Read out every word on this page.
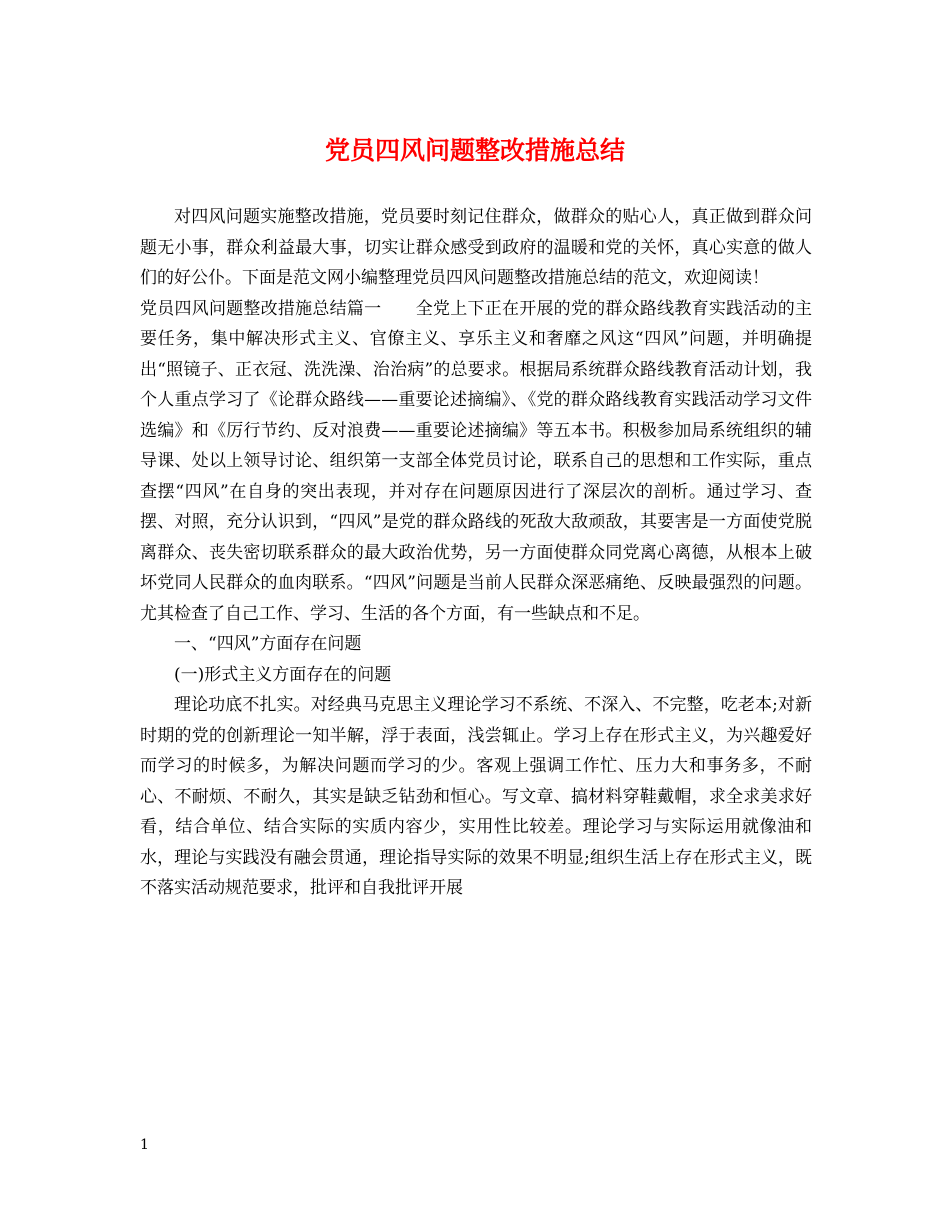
党员四风问题整改措施总结

对四风问题实施整改措施，党员要时刻记住群众，做群众的贴心人，真正做到群众问题无小事，群众利益最大事，切实让群众感受到政府的温暖和党的关怀，真心实意的做人们的好公仆。下面是范文网小编整理党员四风问题整改措施总结的范文，欢迎阅读！

党员四风问题整改措施总结篇一　　全党上下正在开展的党的群众路线教育实践活动的主要任务，集中解决形式主义、官僚主义、享乐主义和奢靡之风这“四风”问题，并明确提出“照镜子、正衣冠、洗洗澡、治治病”的总要求。根据局系统群众路线教育活动计划，我个人重点学习了《论群众路线——重要论述摘编》、《党的群众路线教育实践活动学习文件选编》和《厉行节约、反对浪费——重要论述摘编》等五本书。积极参加局系统组织的辅导课、处以上领导讨论、组织第一支部全体党员讨论，联系自己的思想和工作实际，重点查摆“四风”在自身的突出表现，并对存在问题原因进行了深层次的剖析。通过学习、查摆、对照，充分认识到，“四风”是党的群众路线的死敌大敌顽敌，其要害是一方面使党脱离群众、丧失密切联系群众的最大政治优势，另一方面使群众同党离心离德，从根本上破坏党同人民群众的血肉联系。“四风”问题是当前人民群众深恶痛绝、反映最强烈的问题。尤其检查了自己工作、学习、生活的各个方面，有一些缺点和不足。

一、“四风”方面存在问题

(一)形式主义方面存在的问题

理论功底不扎实。对经典马克思主义理论学习不系统、不深入、不完整，吃老本;对新时期的党的创新理论一知半解，浮于表面，浅尝辄止。学习上存在形式主义，为兴趣爱好而学习的时候多，为解决问题而学习的少。客观上强调工作忙、压力大和事务多，不耐心、不耐烦、不耐久，其实是缺乏钻劲和恒心。写文章、搞材料穿鞋戴帽，求全求美求好看，结合单位、结合实际的实质内容少，实用性比较差。理论学习与实际运用就像油和水，理论与实践没有融会贯通，理论指导实际的效果不明显;组织生活上存在形式主义，既不落实活动规范要求，批评和自我批评开展

1
